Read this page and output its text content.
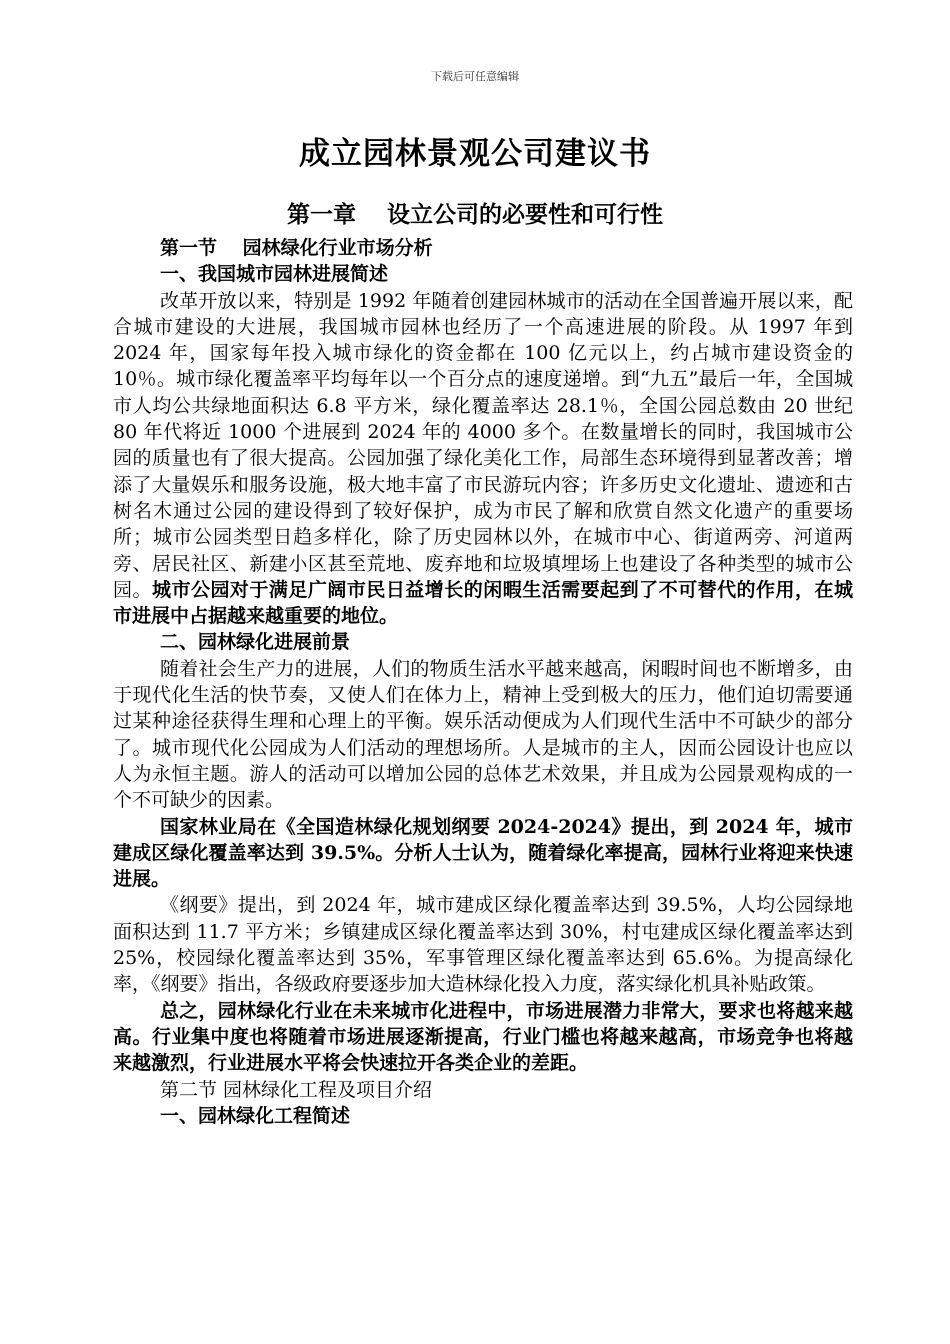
下载后可任意编辑
成立园林景观公司建议书
第一章　 设立公司的必要性和可行性
第一节　 园林绿化行业市场分析
一、我国城市园林进展简述

改革开放以来，特别是 1992 年随着创建园林城市的活动在全国普遍开展以来，配合城市建设的大进展，我国城市园林也经历了一个高速进展的阶段。从 1997 年到 2024 年，国家每年投入城市绿化的资金都在 100 亿元以上，约占城市建设资金的 10％。城市绿化覆盖率平均每年以一个百分点的速度递增。到“九五”最后一年，全国城市人均公共绿地面积达 6.8 平方米，绿化覆盖率达 28.1％，全国公园总数由 20 世纪 80 年代将近 1000 个进展到 2024 年的 4000 多个。在数量增长的同时，我国城市公园的质量也有了很大提高。公园加强了绿化美化工作，局部生态环境得到显著改善；增添了大量娱乐和服务设施，极大地丰富了市民游玩内容；许多历史文化遗址、遗迹和古树名木通过公园的建设得到了较好保护，成为市民了解和欣赏自然文化遗产的重要场所；城市公园类型日趋多样化，除了历史园林以外，在城市中心、街道两旁、河道两旁、居民社区、新建小区甚至荒地、废弃地和垃圾填埋场上也建设了各种类型的城市公园。城市公园对于满足广阔市民日益增长的闲暇生活需要起到了不可替代的作用，在城市进展中占据越来越重要的地位。

二、园林绿化进展前景

随着社会生产力的进展，人们的物质生活水平越来越高，闲暇时间也不断增多，由于现代化生活的快节奏，又使人们在体力上，精神上受到极大的压力，他们迫切需要通过某种途径获得生理和心理上的平衡。娱乐活动便成为人们现代生活中不可缺少的部分了。城市现代化公园成为人们活动的理想场所。人是城市的主人，因而公园设计也应以人为永恒主题。游人的活动可以增加公园的总体艺术效果，并且成为公园景观构成的一个不可缺少的因素。

国家林业局在《全国造林绿化规划纲要 2024-2024》提出，到 2024 年，城市建成区绿化覆盖率达到 39.5%。分析人士认为，随着绿化率提高，园林行业将迎来快速进展。

《纲要》提出，到 2024 年，城市建成区绿化覆盖率达到 39.5%，人均公园绿地面积达到 11.7 平方米；乡镇建成区绿化覆盖率达到 30%，村屯建成区绿化覆盖率达到 25%，校园绿化覆盖率达到 35%，军事管理区绿化覆盖率达到 65.6%。为提高绿化率，《纲要》指出，各级政府要逐步加大造林绿化投入力度，落实绿化机具补贴政策。

总之，园林绿化行业在未来城市化进程中，市场进展潜力非常大，要求也将越来越高。行业集中度也将随着市场进展逐渐提高，行业门槛也将越来越高，市场竞争也将越来越激烈，行业进展水平将会快速拉开各类企业的差距。

第二节 园林绿化工程及项目介绍
一、园林绿化工程简述
